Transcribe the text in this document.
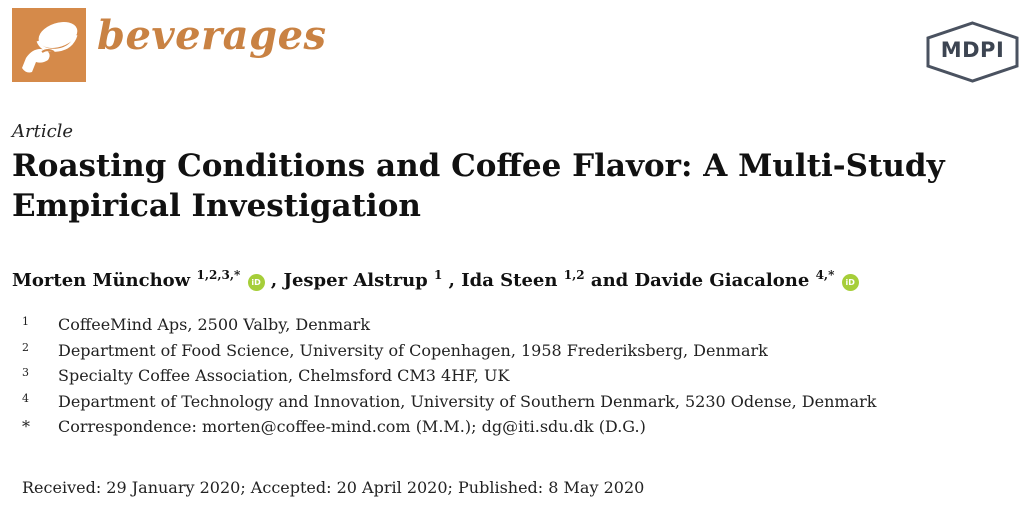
beverages	MDPI
Article
Roasting Conditions and Coffee Flavor: A Multi-Study Empirical Investigation
Morten Münchow $^{1,2,3,*}$ iD , Jesper Alstrup $^1$ , Ida Steen $^{1,2}$ and Davide Giacalone $^{4,*}$ iD
1 CoffeeMind Aps, 2500 Valby, Denmark
2 Department of Food Science, University of Copenhagen, 1958 Frederiksberg, Denmark
3 Specialty Coffee Association, Chelmsford CM3 4HF, UK
4 Department of Technology and Innovation, University of Southern Denmark, 5230 Odense, Denmark
* Correspondence: morten@coffee-mind.com (M.M.); dg@iti.sdu.dk (D.G.)
Received: 29 January 2020; Accepted: 20 April 2020; Published: 8 May 2020
